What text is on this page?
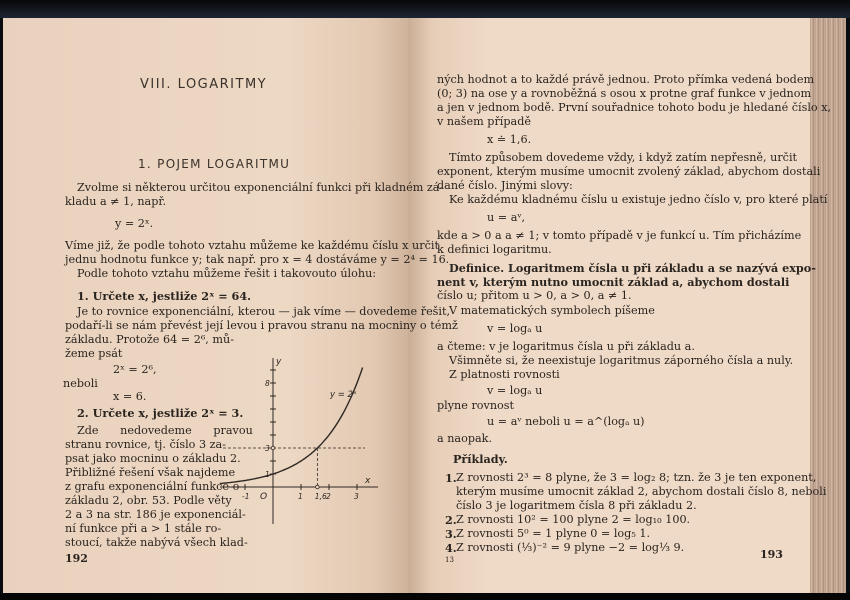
VIII. LOGARITMY
1. POJEM LOGARITMU
Zvolme si některou určitou exponenciální funkci při kladném zá-
kladu a ≠ 1, např.
y = 2ˣ.
Víme již, že podle tohoto vztahu můžeme ke každému číslu x určit
jednu hodnotu funkce y; tak např. pro x = 4 dostáváme y = 2⁴ = 16.
Podle tohoto vztahu můžeme řešit i takovouto úlohu:
1. Určete x, jestliže 2ˣ = 64.
Je to rovnice exponenciální, kterou — jak víme — dovedeme řešit,
podaří-li se nám převést její levou i pravou stranu na mocniny o témž
základu. Protože 64 = 2⁶, mů-
žeme psát
2ˣ = 2⁶,
neboli
x = 6.
2. Určete x, jestliže 2ˣ = 3.
Zde nedovedeme pravou
stranu rovnice, tj. číslo 3 za-
psat jako mocninu o základu 2.
Přibližné řešení však najdeme
z grafu exponenciální funkce o
základu 2, obr. 53. Podle věty
2 a 3 na str. 186 je exponenciál-
ní funkce při a > 1 stále ro-
stoucí, takže nabývá všech klad-
192
-1	1 1,6 2	3
1
3
8
y
x
O
y = 2ˣ
ných hodnot a to každé právě jednou. Proto přímka vedená bodem
(0; 3) na ose y a rovnoběžná s osou x protne graf funkce v jednom
a jen v jednom bodě. První souřadnice tohoto bodu je hledané číslo x,
v našem případě
x ≐ 1,6.
Tímto způsobem dovedeme vždy, i když zatím nepřesně, určit
exponent, kterým musíme umocnit zvolený základ, abychom dostali
dané číslo. Jinými slovy:
Ke každému kladnému číslu u existuje jedno číslo v, pro které platí
u = aᵛ,
kde a > 0 a a ≠ 1; v tomto případě v je funkcí u. Tím přicházíme
k definici logaritmu.
Definice. Logaritmem čísla u při základu a se nazývá expo-
nent v, kterým nutno umocnit základ a, abychom dostali
číslo u; přitom u > 0, a > 0, a ≠ 1.
V matematických symbolech píšeme
v = logₐ u
a čteme: v je logaritmus čísla u při základu a.
Všimněte si, že neexistuje logaritmus záporného čísla a nuly.
Z platnosti rovnosti
v = logₐ u
plyne rovnost
u = aᵛ neboli u = a^(logₐ u)
a naopak.
Příklady.
1. Z rovnosti 2³ = 8 plyne, že 3 = log₂ 8; tzn. že 3 je ten exponent,
kterým musíme umocnit základ 2, abychom dostali číslo 8, neboli
číslo 3 je logaritmem čísla 8 při základu 2.
2. Z rovnosti 10² = 100 plyne 2 = log₁₀ 100.
3. Z rovnosti 5⁰ = 1 plyne 0 = log₅ 1.
4. Z rovnosti (⅓)⁻² = 9 plyne −2 = log⅓ 9.
13	193
